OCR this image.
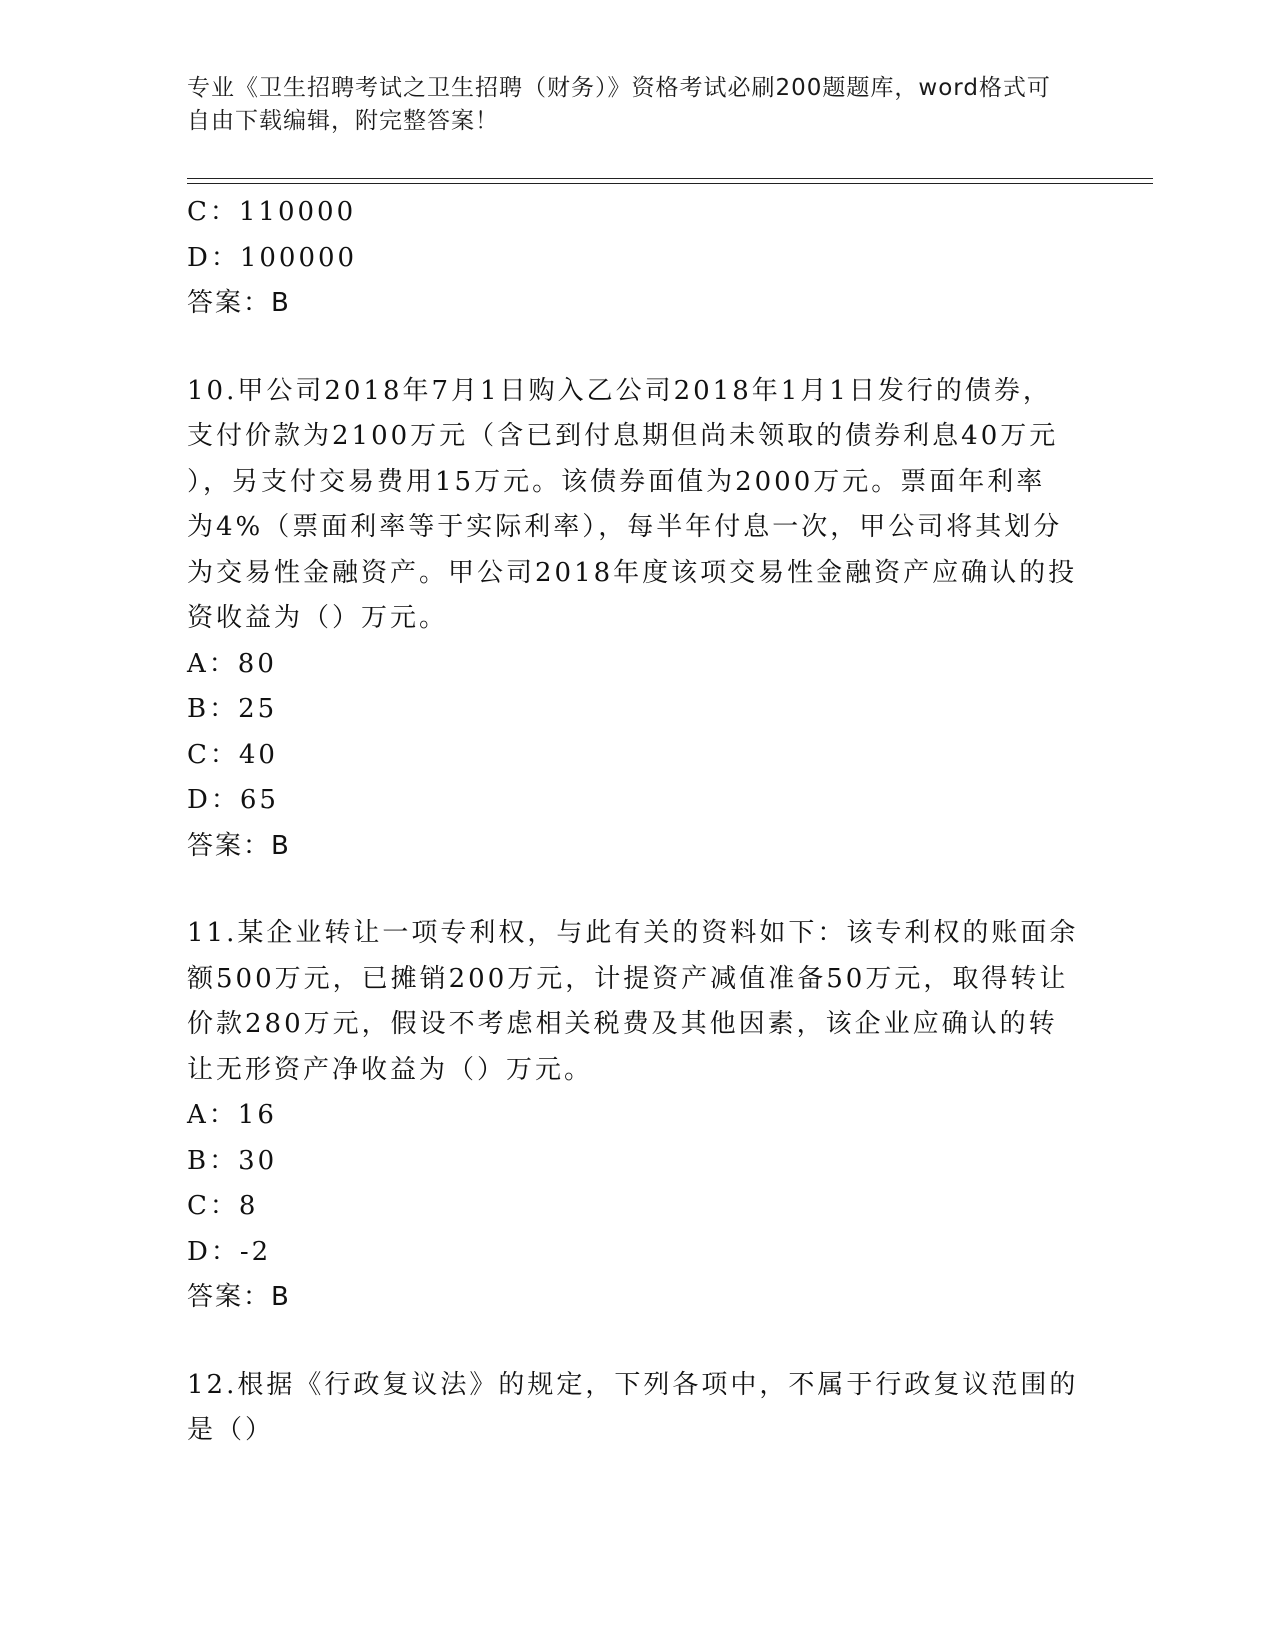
专业《卫生招聘考试之卫生招聘（财务）》资格考试必刷200题题库，word格式可自由下载编辑，附完整答案！
C：110000
D：100000
答案：B
10.甲公司2018年7月1日购入乙公司2018年1月1日发行的债券，
支付价款为2100万元（含已到付息期但尚未领取的债券利息40万元
），另支付交易费用15万元。该债券面值为2000万元。票面年利率
为4%（票面利率等于实际利率），每半年付息一次，甲公司将其划分
为交易性金融资产。甲公司2018年度该项交易性金融资产应确认的投
资收益为（）万元。
A：80
B：25
C：40
D：65
答案：B
11.某企业转让一项专利权，与此有关的资料如下：该专利权的账面余
额500万元，已摊销200万元，计提资产减值准备50万元，取得转让
价款280万元，假设不考虑相关税费及其他因素，该企业应确认的转
让无形资产净收益为（）万元。
A：16
B：30
C：8
D：-2
答案：B
12.根据《行政复议法》的规定，下列各项中，不属于行政复议范围的
是（）
